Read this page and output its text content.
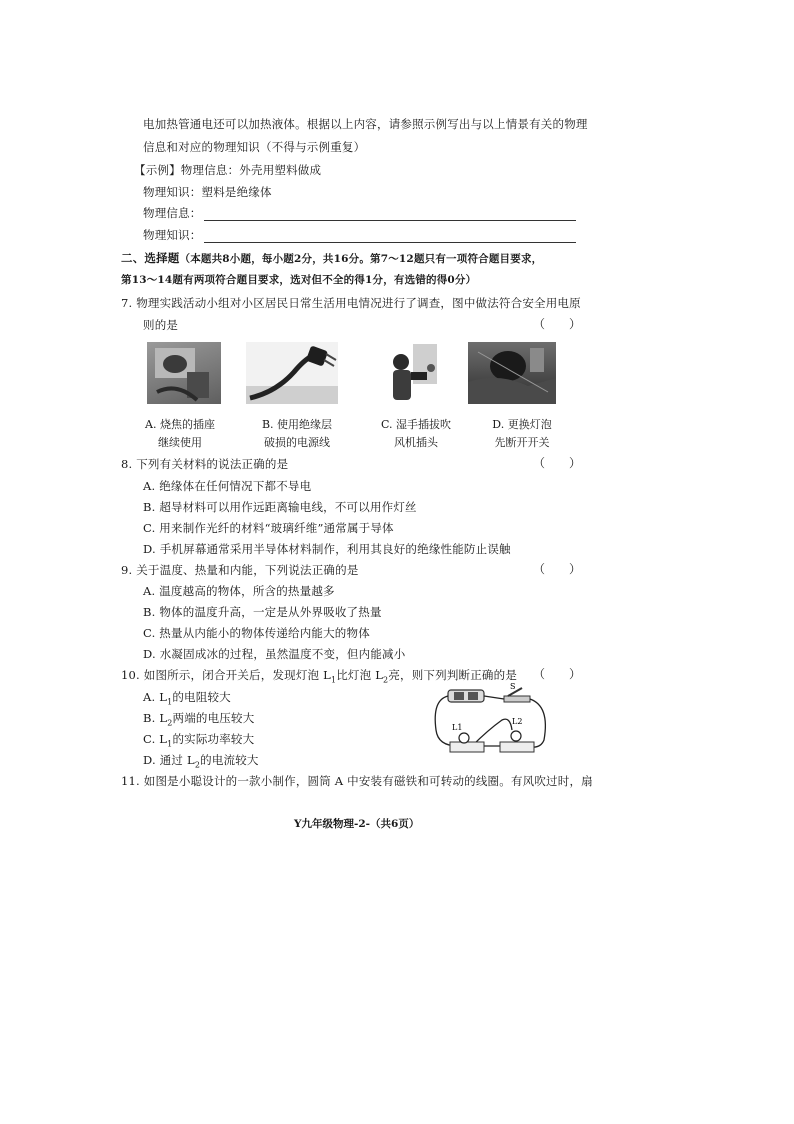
电加热管通电还可以加热液体。根据以上内容，请参照示例写出与以上情景有关的物理
信息和对应的物理知识（不得与示例重复）
【示例】物理信息：外壳用塑料做成
物理知识：塑料是绝缘体
物理信息：
物理知识：
二、选择题（本题共8小题，每小题2分，共16分。第7～12题只有一项符合题目要求，
第13～14题有两项符合题目要求，选对但不全的得1分，有选错的得0分）
7. 物理实践活动小组对小区居民日常生活用电情况进行了调查，图中做法符合安全用电原
则的是	（　　）
A. 烧焦的插座
继续使用
B. 使用绝缘层
破损的电源线
C. 湿手插拔吹
风机插头
D. 更换灯泡
先断开开关
8. 下列有关材料的说法正确的是	（　　）
A. 绝缘体在任何情况下都不导电
B. 超导材料可以用作远距离输电线，不可以用作灯丝
C. 用来制作光纤的材料“玻璃纤维”通常属于导体
D. 手机屏幕通常采用半导体材料制作，利用其良好的绝缘性能防止误触
9. 关于温度、热量和内能，下列说法正确的是	（　　）
A. 温度越高的物体，所含的热量越多
B. 物体的温度升高，一定是从外界吸收了热量
C. 热量从内能小的物体传递给内能大的物体
D. 水凝固成冰的过程，虽然温度不变，但内能减小
10. 如图所示，闭合开关后，发现灯泡 $L_1$比灯泡 $L_2$亮，则下列判断正确的是 （　　）
A. $L_1$的电阻较大
B. $L_2$两端的电压较大
C. $L_1$的实际功率较大
D. 通过 $L_2$的电流较大
S
L1
L2
11. 如图是小聪设计的一款小制作，圆筒 A 中安装有磁铁和可转动的线圈。有风吹过时，扇
Y九年级物理-2-（共6页）
